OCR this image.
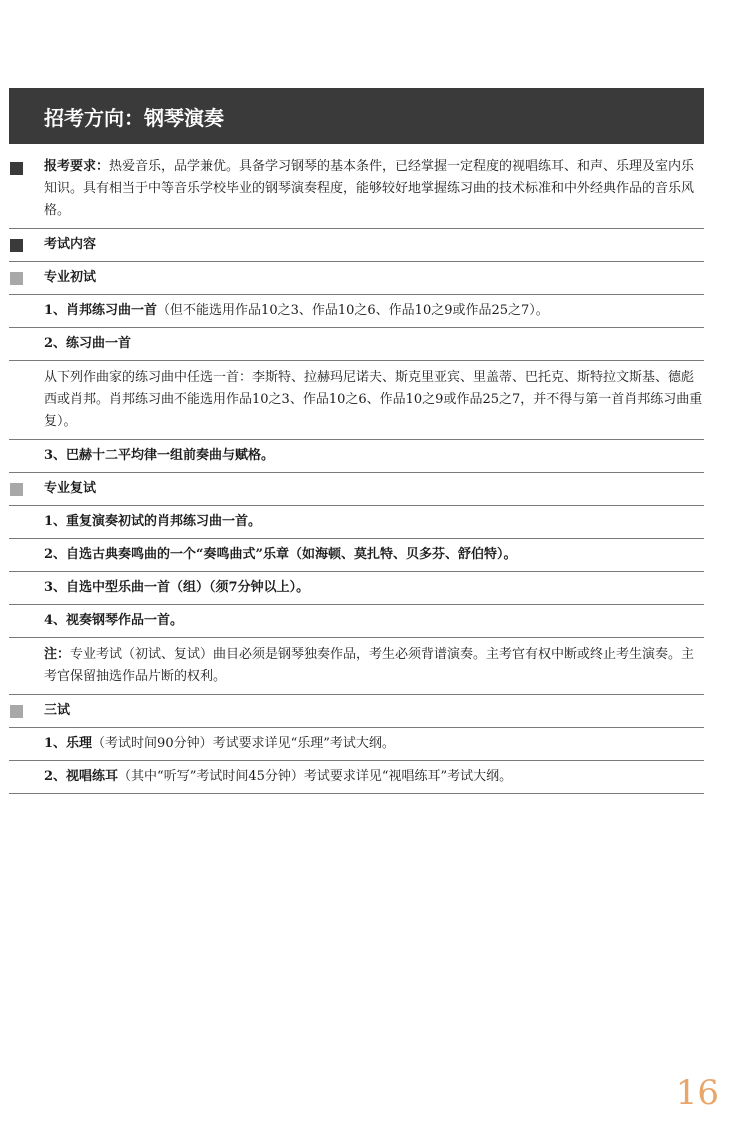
招考方向：钢琴演奏
报考要求：热爱音乐，品学兼优。具备学习钢琴的基本条件，已经掌握一定程度的视唱练耳、和声、乐理及室内乐知识。具有相当于中等音乐学校毕业的钢琴演奏程度，能够较好地掌握练习曲的技术标准和中外经典作品的音乐风格。
考试内容
专业初试
1、肖邦练习曲一首（但不能选用作品10之3、作品10之6、作品10之9或作品25之7）。
2、练习曲一首
从下列作曲家的练习曲中任选一首：李斯特、拉赫玛尼诺夫、斯克里亚宾、里盖蒂、巴托克、斯特拉文斯基、德彪西或肖邦。肖邦练习曲不能选用作品10之3、作品10之6、作品10之9或作品25之7，并不得与第一首肖邦练习曲重复）。
3、巴赫十二平均律一组前奏曲与赋格。
专业复试
1、重复演奏初试的肖邦练习曲一首。
2、自选古典奏鸣曲的一个“奏鸣曲式”乐章（如海顿、莫扎特、贝多芬、舒伯特）。
3、自选中型乐曲一首（组）（须7分钟以上）。
4、视奏钢琴作品一首。
注：专业考试（初试、复试）曲目必须是钢琴独奏作品，考生必须背谱演奏。主考官有权中断或终止考生演奏。主考官保留抽选作品片断的权利。
三试
1、乐理（考试时间90分钟）考试要求详见“乐理”考试大纲。
2、视唱练耳（其中“听写”考试时间45分钟）考试要求详见“视唱练耳”考试大纲。
16
